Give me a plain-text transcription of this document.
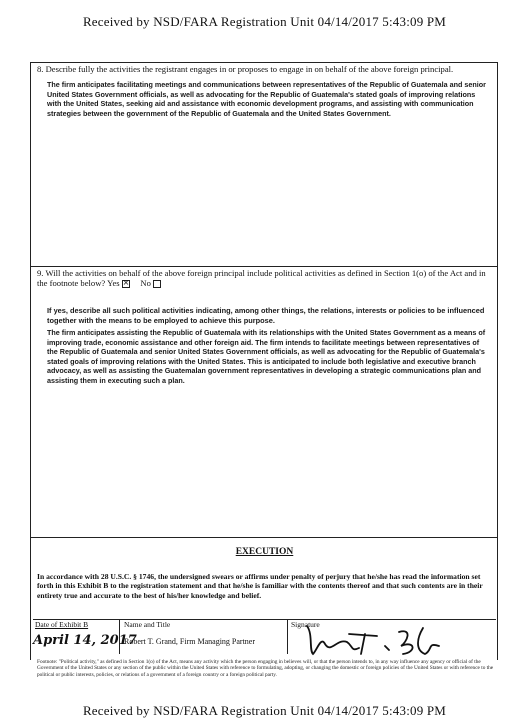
Received by NSD/FARA Registration Unit 04/14/2017 5:43:09 PM
8. Describe fully the activities the registrant engages in or proposes to engage in on behalf of the above foreign principal.
The firm anticipates facilitating meetings and communications between representatives of the Republic of Guatemala and senior United States Government officials, as well as advocating for the Republic of Guatemala's stated goals of improving relations with the United States, seeking aid and assistance with economic development programs, and assisting with communication strategies between the government of the Republic of Guatemala and the United States Government.
9. Will the activities on behalf of the above foreign principal include political activities as defined in Section 1(o) of the Act and in the footnote below? Yes× No
If yes, describe all such political activities indicating, among other things, the relations, interests or policies to be influenced together with the means to be employed to achieve this purpose.
The firm anticipates assisting the Republic of Guatemala with its relationships with the United States Government as a means of improving trade, economic assistance and other foreign aid. The firm intends to facilitate meetings between representatives of the Republic of Guatemala and senior United States Government officials, as well as advocating for the Republic of Guatemala's stated goals of improving relations with the United States. This is anticipated to include both legislative and executive branch advocacy, as well as assisting the Guatemalan government representatives in developing a strategic communications plan and assisting them in executing such a plan.
EXECUTION
In accordance with 28 U.S.C. § 1746, the undersigned swears or affirms under penalty of perjury that he/she has read the information set forth in this Exhibit B to the registration statement and that he/she is familiar with the contents thereof and that such contents are in their entirety true and accurate to the best of his/her knowledge and belief.
Date of Exhibit B
April 14, 2017
Name and Title
Robert T. Grand, Firm Managing Partner
Signature
Footnote: "Political activity," as defined in Section 1(o) of the Act, means any activity which the person engaging in believes will, or that the person intends to, in any way influence any agency or official of the Government of the United States or any section of the public within the United States with reference to formulating, adopting, or changing the domestic or foreign policies of the United States or with reference to the political or public interests, policies, or relations of a government of a foreign country or a foreign political party.
Received by NSD/FARA Registration Unit 04/14/2017 5:43:09 PM
